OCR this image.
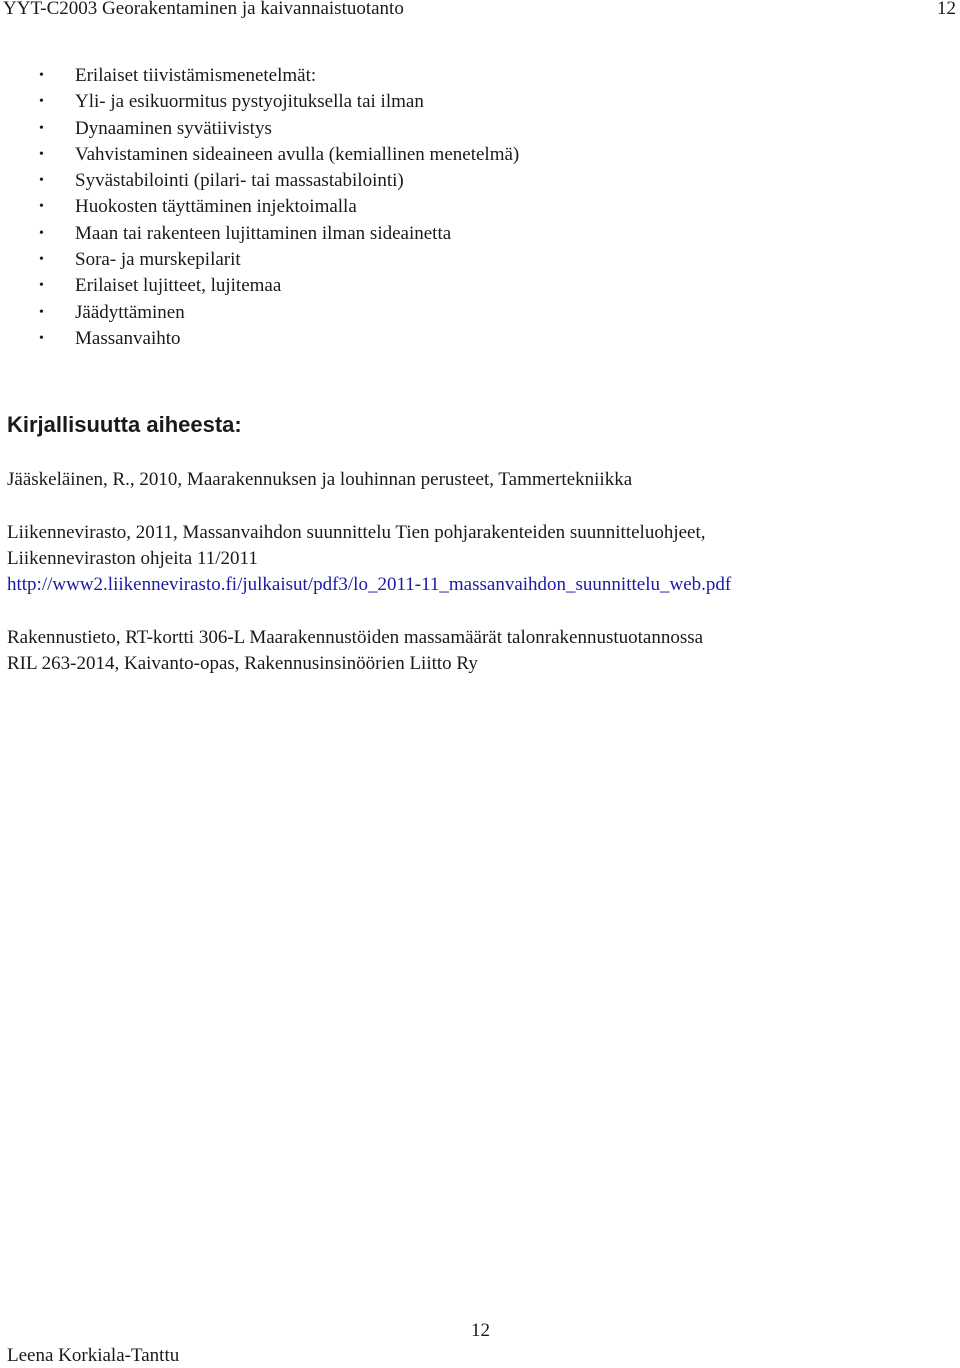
YYT-C2003 Georakentaminen ja kaivannaistuotanto	12
• Erilaiset tiivistämismenetelmät:
• Yli- ja esikuormitus pystyojituksella tai ilman
• Dynaaminen syvätiivistys
• Vahvistaminen sideaineen avulla (kemiallinen menetelmä)
• Syvästabilointi (pilari- tai massastabilointi)
• Huokosten täyttäminen injektoimalla
• Maan tai rakenteen lujittaminen ilman sideainetta
• Sora- ja murskepilarit
• Erilaiset lujitteet, lujitemaa
• Jäädyttäminen
• Massanvaihto
Kirjallisuutta aiheesta:
Jääskeläinen, R., 2010, Maarakennuksen ja louhinnan perusteet, Tammertekniikka
Liikennevirasto, 2011, Massanvaihdon suunnittelu Tien pohjarakenteiden suunnitteluohjeet,
Liikenneviraston ohjeita 11/2011
http://www2.liikennevirasto.fi/julkaisut/pdf3/lo_2011-11_massanvaihdon_suunnittelu_web.pdf
Rakennustieto, RT-kortti 306-L Maarakennustöiden massamäärät talonrakennustuotannossa
RIL 263-2014, Kaivanto-opas, Rakennusinsinöörien Liitto Ry
12
Leena Korkiala-Tanttu
